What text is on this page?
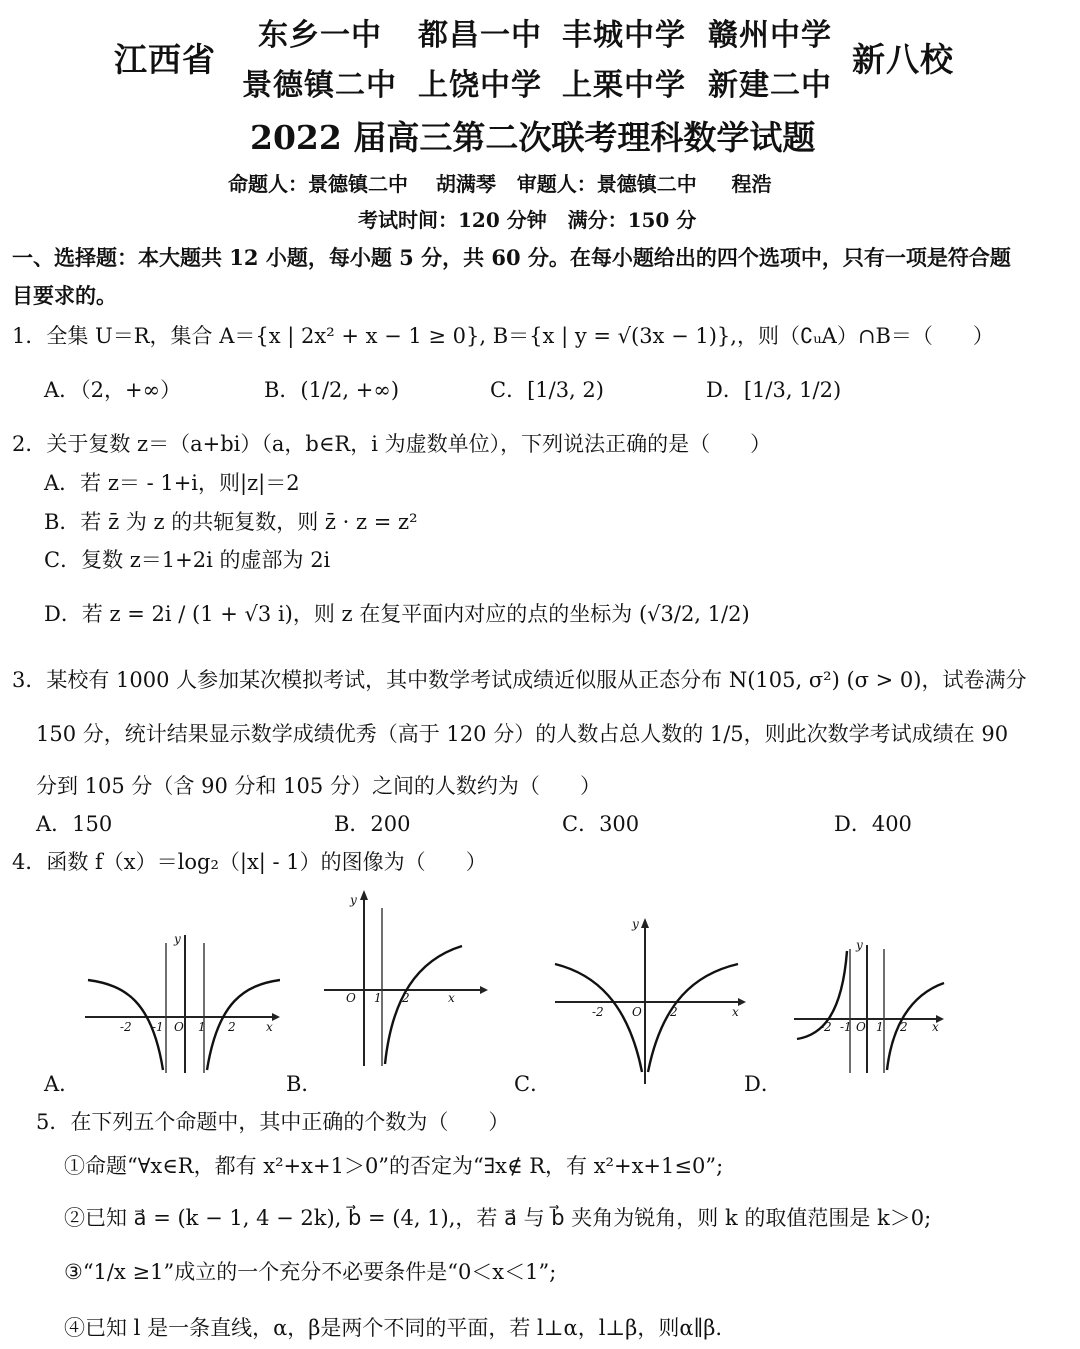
江西省	新八校
东乡一中 都昌一中 丰城中学 赣州中学
景德镇二中 上饶中学 上栗中学 新建二中
2022 届高三第二次联考理科数学试题
命题人：景德镇二中    胡满琴   审题人：景德镇二中     程浩
考试时间：120 分钟   满分：150 分
一、选择题：本大题共 12 小题，每小题 5 分，共 60 分。在每小题给出的四个选项中，只有一项是符合题
目要求的。
1．全集 U＝R，集合 A＝{x | 2x² + x − 1 ≥ 0}, B＝{x | y = √(3x − 1)},，则（∁ᵤA）∩B＝（      ）
A．（2，+∞）	B．(1/2, +∞)	C．[1/3, 2)	D．[1/3, 1/2)
2．关于复数 z＝（a+bi）（a，b∈R，i 为虚数单位），下列说法正确的是（      ）
A．若 z＝ - 1+i，则|z|＝2
B．若 z̄ 为 z 的共轭复数，则 z̄ · z = z²
C．复数 z＝1+2i 的虚部为 2i
D．若 z = 2i / (1 + √3 i)，则 z 在复平面内对应的点的坐标为 (√3/2, 1/2)
3．某校有 1000 人参加某次模拟考试，其中数学考试成绩近似服从正态分布 N(105, σ²) (σ > 0)，试卷满分
150 分，统计结果显示数学成绩优秀（高于 120 分）的人数占总人数的 1/5，则此次数学考试成绩在 90
分到 105 分（含 90 分和 105 分）之间的人数约为（      ）
A．150	B．200	C．300	D．400
4．函数 f（x）＝log₂（|x| - 1）的图像为（      ）
-2 -1 O 1 2	x
y
A．
O 1 2	x
y
B．
-2 O 2	x
y
C．
-2 -1 O 1 2 x
y
D．
5．在下列五个命题中，其中正确的个数为（      ）
①命题“∀x∈R，都有 x²+x+1＞0”的否定为“∃x∉ R，有 x²+x+1≤0”;
②已知 a⃗ = (k − 1, 4 − 2k), b⃗ = (4, 1),，若 a⃗ 与 b⃗ 夹角为锐角，则 k 的取值范围是 k＞0;
③“1/x ≥1”成立的一个充分不必要条件是“0＜x＜1”;
④已知 l 是一条直线，α，β是两个不同的平面，若 l⊥α，l⊥β，则α∥β.
